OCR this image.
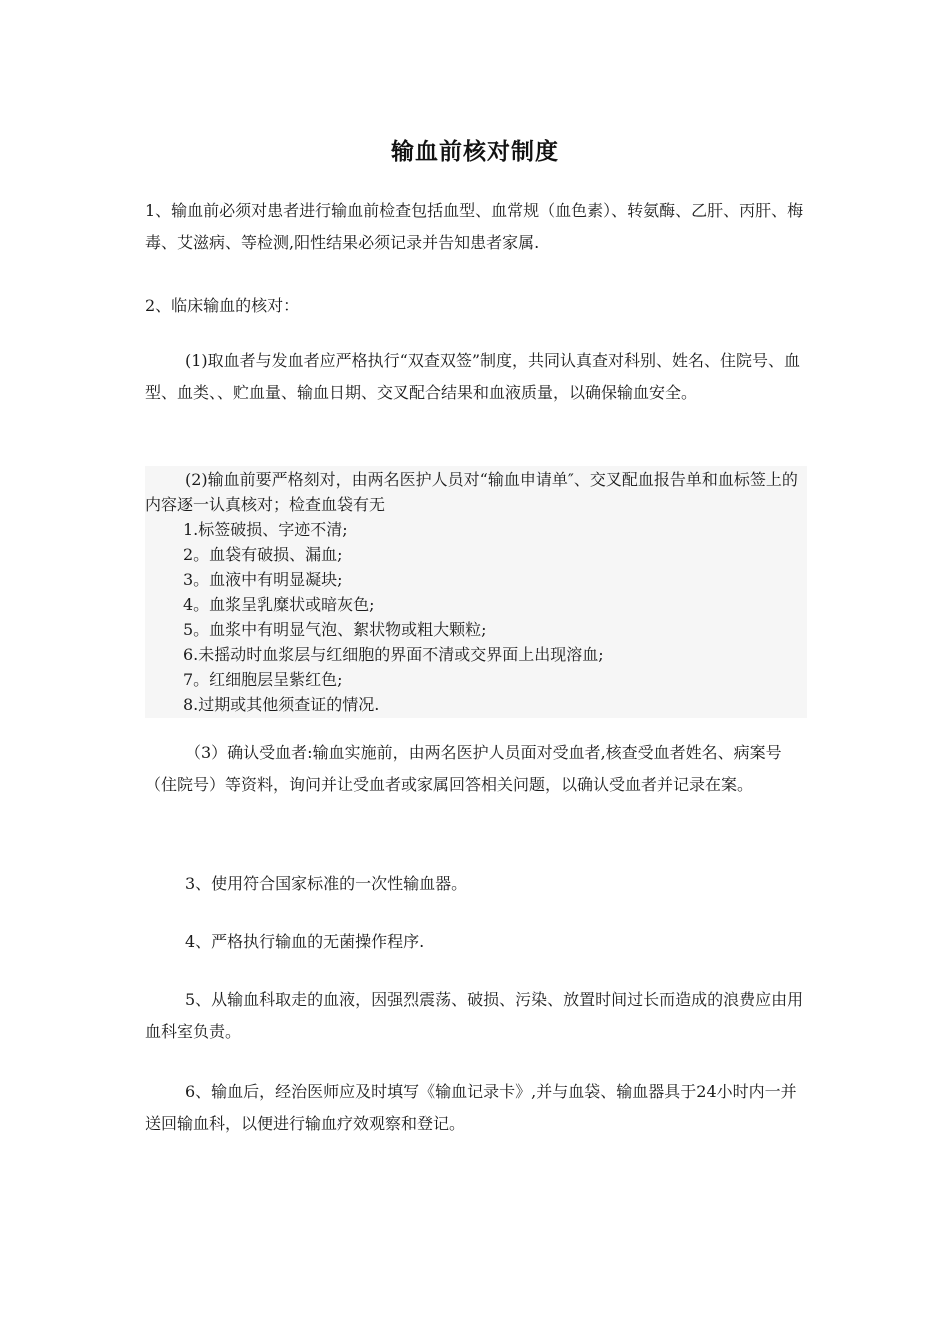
输血前核对制度

1、输血前必须对患者进行输血前检查包括血型、血常规（血色素）、转氨酶、乙肝、丙肝、梅毒、艾滋病、等检测,阳性结果必须记录并告知患者家属.

2、临床输血的核对：

(1)取血者与发血者应严格执行“双查双签”制度，共同认真查对科别、姓名、住院号、血型、血类、、贮血量、输血日期、交叉配合结果和血液质量，以确保输血安全。

(2)输血前要严格刻对，由两名医护人员对“输血申请单″、交叉配血报告单和血标签上的内容逐一认真核对；检查血袋有无

1.标签破损、字迹不清;

2。血袋有破损、漏血;

3。血液中有明显凝块;

4。血浆呈乳糜状或暗灰色;

5。血浆中有明显气泡、絮状物或粗大颗粒;

6.未摇动时血浆层与红细胞的界面不清或交界面上出现溶血;

7。红细胞层呈紫红色;

8.过期或其他须查证的情况.

（3）确认受血者:输血实施前，由两名医护人员面对受血者,核查受血者姓名、病案号（住院号）等资料，询问并让受血者或家属回答相关问题，以确认受血者并记录在案。

3、使用符合国家标准的一次性输血器。

4、严格执行输血的无菌操作程序.

5、从输血科取走的血液，因强烈震荡、破损、污染、放置时间过长而造成的浪费应由用血科室负责。

6、输血后，经治医师应及时填写《输血记录卡》,并与血袋、输血器具于24小时内一并送回输血科，以便进行输血疗效观察和登记。
